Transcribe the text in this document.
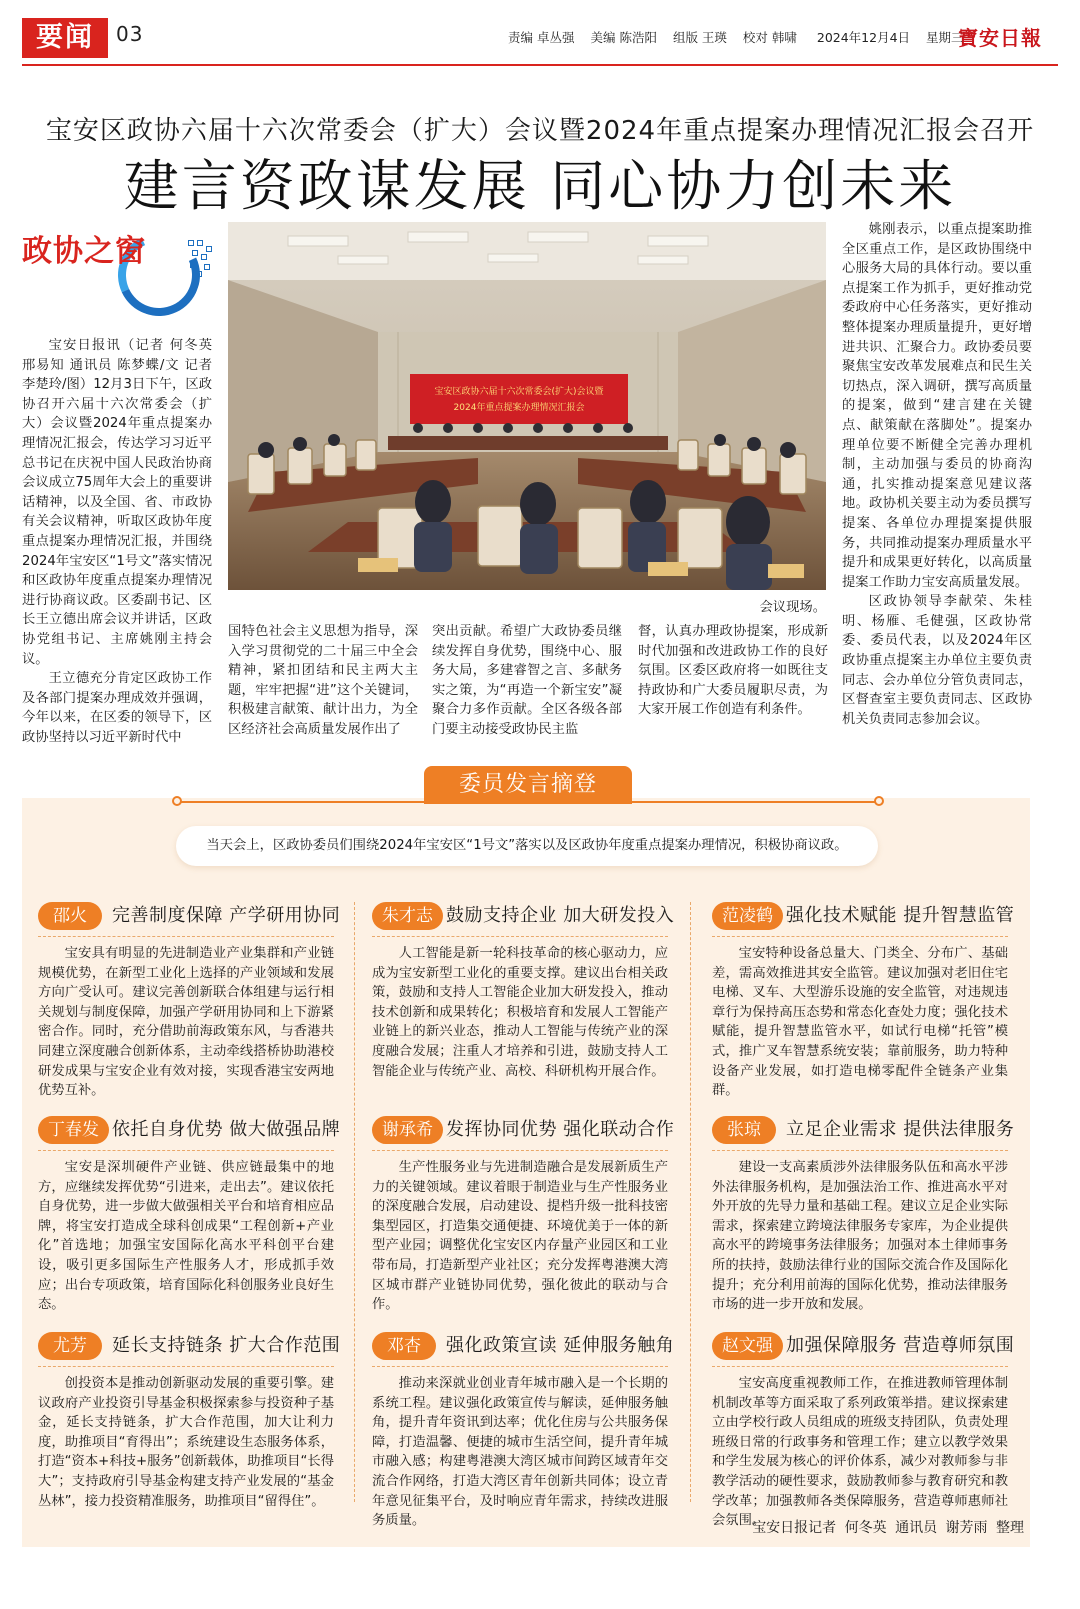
要闻	03	责编 卓丛强 美编 陈浩阳 组版 王瑛 校对 韩啸 2024年12月4日 星期三
寶安日報
宝安区政协六届十六次常委会（扩大）会议暨2024年重点提案办理情况汇报会召开
建言资政谋发展 同心协力创未来
政协之窗

宝安日报讯（记者 何冬英 邢易知 通讯员 陈梦蝶/文 记者 李楚玲/图）12月3日下午，区政协召开六届十六次常委会（扩大）会议暨2024年重点提案办理情况汇报会，传达学习习近平总书记在庆祝中国人民政治协商会议成立75周年大会上的重要讲话精神，以及全国、省、市政协有关会议精神，听取区政协年度重点提案办理情况汇报，并围绕2024年宝安区“1号文”落实情况和区政协年度重点提案办理情况进行协商议政。区委副书记、区长王立德出席会议并讲话，区政协党组书记、主席姚刚主持会议。

王立德充分肯定区政协工作及各部门提案办理成效并强调，今年以来，在区委的领导下，区政协坚持以习近平新时代中

宝安区政协六届十六次常委会(扩大)会议暨
2024年重点提案办理情况汇报会
会议现场。
国特色社会主义思想为指导，深入学习贯彻党的二十届三中全会精神，紧扣团结和民主两大主题，牢牢把握“进”这个关键词，积极建言献策、献计出力，为全区经济社会高质量发展作出了
突出贡献。希望广大政协委员继续发挥自身优势，围绕中心、服务大局，多建睿智之言、多献务实之策，为“再造一个新宝安”凝聚合力多作贡献。全区各级各部门要主动接受政协民主监
督，认真办理政协提案，形成新时代加强和改进政协工作的良好氛围。区委区政府将一如既往支持政协和广大委员履职尽责，为大家开展工作创造有利条件。

姚刚表示，以重点提案助推全区重点工作，是区政协围绕中心服务大局的具体行动。要以重点提案工作为抓手，更好推动党委政府中心任务落实，更好推动整体提案办理质量提升，更好增进共识、汇聚合力。政协委员要聚焦宝安改革发展难点和民生关切热点，深入调研，撰写高质量的提案，做到“建言建在关键点、献策献在落脚处”。提案办理单位要不断健全完善办理机制，主动加强与委员的协商沟通，扎实推动提案意见建议落地。政协机关要主动为委员撰写提案、各单位办理提案提供服务，共同推动提案办理质量水平提升和成果更好转化，以高质量提案工作助力宝安高质量发展。

区政协领导李献荣、朱桂明、杨雁、毛健强，区政协常委、委员代表，以及2024年区政协重点提案主办单位主要负责同志、会办单位分管负责同志，区督查室主要负责同志、区政协机关负责同志参加会议。

委员发言摘登
当天会上，区政协委员们围绕2024年宝安区“1号文”落实以及区政协年度重点提案办理情况，积极协商议政。
邵火	完善制度保障 产学研用协同
宝安具有明显的先进制造业产业集群和产业链规模优势，在新型工业化上选择的产业领域和发展方向广受认可。建议完善创新联合体组建与运行相关规划与制度保障，加强产学研用协同和上下游紧密合作。同时，充分借助前海政策东风，与香港共同建立深度融合创新体系，主动牵线搭桥协助港校研发成果与宝安企业有效对接，实现香港宝安两地优势互补。
朱才志 鼓励支持企业 加大研发投入
人工智能是新一轮科技革命的核心驱动力，应成为宝安新型工业化的重要支撑。建议出台相关政策，鼓励和支持人工智能企业加大研发投入，推动技术创新和成果转化；积极培育和发展人工智能产业链上的新兴业态，推动人工智能与传统产业的深度融合发展；注重人才培养和引进，鼓励支持人工智能企业与传统产业、高校、科研机构开展合作。
范凌鹤 强化技术赋能 提升智慧监管
宝安特种设备总量大、门类全、分布广、基础差，需高效推进其安全监管。建议加强对老旧住宅电梯、叉车、大型游乐设施的安全监管，对违规违章行为保持高压态势和常态化查处力度；强化技术赋能，提升智慧监管水平，如试行电梯“托管”模式，推广叉车智慧系统安装；靠前服务，助力特种设备产业发展，如打造电梯零配件全链条产业集群。
丁春发 依托自身优势 做大做强品牌
宝安是深圳硬件产业链、供应链最集中的地方，应继续发挥优势“引进来，走出去”。建议依托自身优势，进一步做大做强相关平台和培育相应品牌，将宝安打造成全球科创成果“工程创新+产业化”首选地；加强宝安国际化高水平科创平台建设，吸引更多国际生产性服务人才，形成抓手效应；出台专项政策，培育国际化科创服务业良好生态。
谢承希 发挥协同优势 强化联动合作
生产性服务业与先进制造融合是发展新质生产力的关键领域。建议着眼于制造业与生产性服务业的深度融合发展，启动建设、提档升级一批科技密集型园区，打造集交通便捷、环境优美于一体的新型产业园；调整优化宝安区内存量产业园区和工业带布局，打造新型产业社区；充分发挥粤港澳大湾区城市群产业链协同优势，强化彼此的联动与合作。
张琼	立足企业需求 提供法律服务
建设一支高素质涉外法律服务队伍和高水平涉外法律服务机构，是加强法治工作、推进高水平对外开放的先导力量和基础工程。建议立足企业实际需求，探索建立跨境法律服务专家库，为企业提供高水平的跨境事务法律服务；加强对本土律师事务所的扶持，鼓励法律行业的国际交流合作及国际化提升；充分利用前海的国际化优势，推动法律服务市场的进一步开放和发展。
尤芳	延长支持链条 扩大合作范围
创投资本是推动创新驱动发展的重要引擎。建议政府产业投资引导基金积极探索参与投资种子基金，延长支持链条，扩大合作范围，加大让利力度，助推项目“育得出”；系统建设生态服务体系，打造“资本+科技+服务”创新载体，助推项目“长得大”；支持政府引导基金构建支持产业发展的“基金丛林”，接力投资精准服务，助推项目“留得住”。
邓杏	强化政策宣读 延伸服务触角
推动来深就业创业青年城市融入是一个长期的系统工程。建议强化政策宣传与解读，延伸服务触角，提升青年资讯到达率；优化住房与公共服务保障，打造温馨、便捷的城市生活空间，提升青年城市融入感；构建粤港澳大湾区城市间跨区域青年交流合作网络，打造大湾区青年创新共同体；设立青年意见征集平台，及时响应青年需求，持续改进服务质量。
赵文强 加强保障服务 营造尊师氛围
宝安高度重视教师工作，在推进教师管理体制机制改革等方面采取了系列政策举措。建议探索建立由学校行政人员组成的班级支持团队，负责处理班级日常的行政事务和管理工作；建立以教学效果和学生发展为核心的评价体系，减少对教师参与非教学活动的硬性要求，鼓励教师参与教育研究和教学改革；加强教师各类保障服务，营造尊师惠师社会氛围。
宝安日报记者 何冬英 通讯员 谢芳雨 整理
